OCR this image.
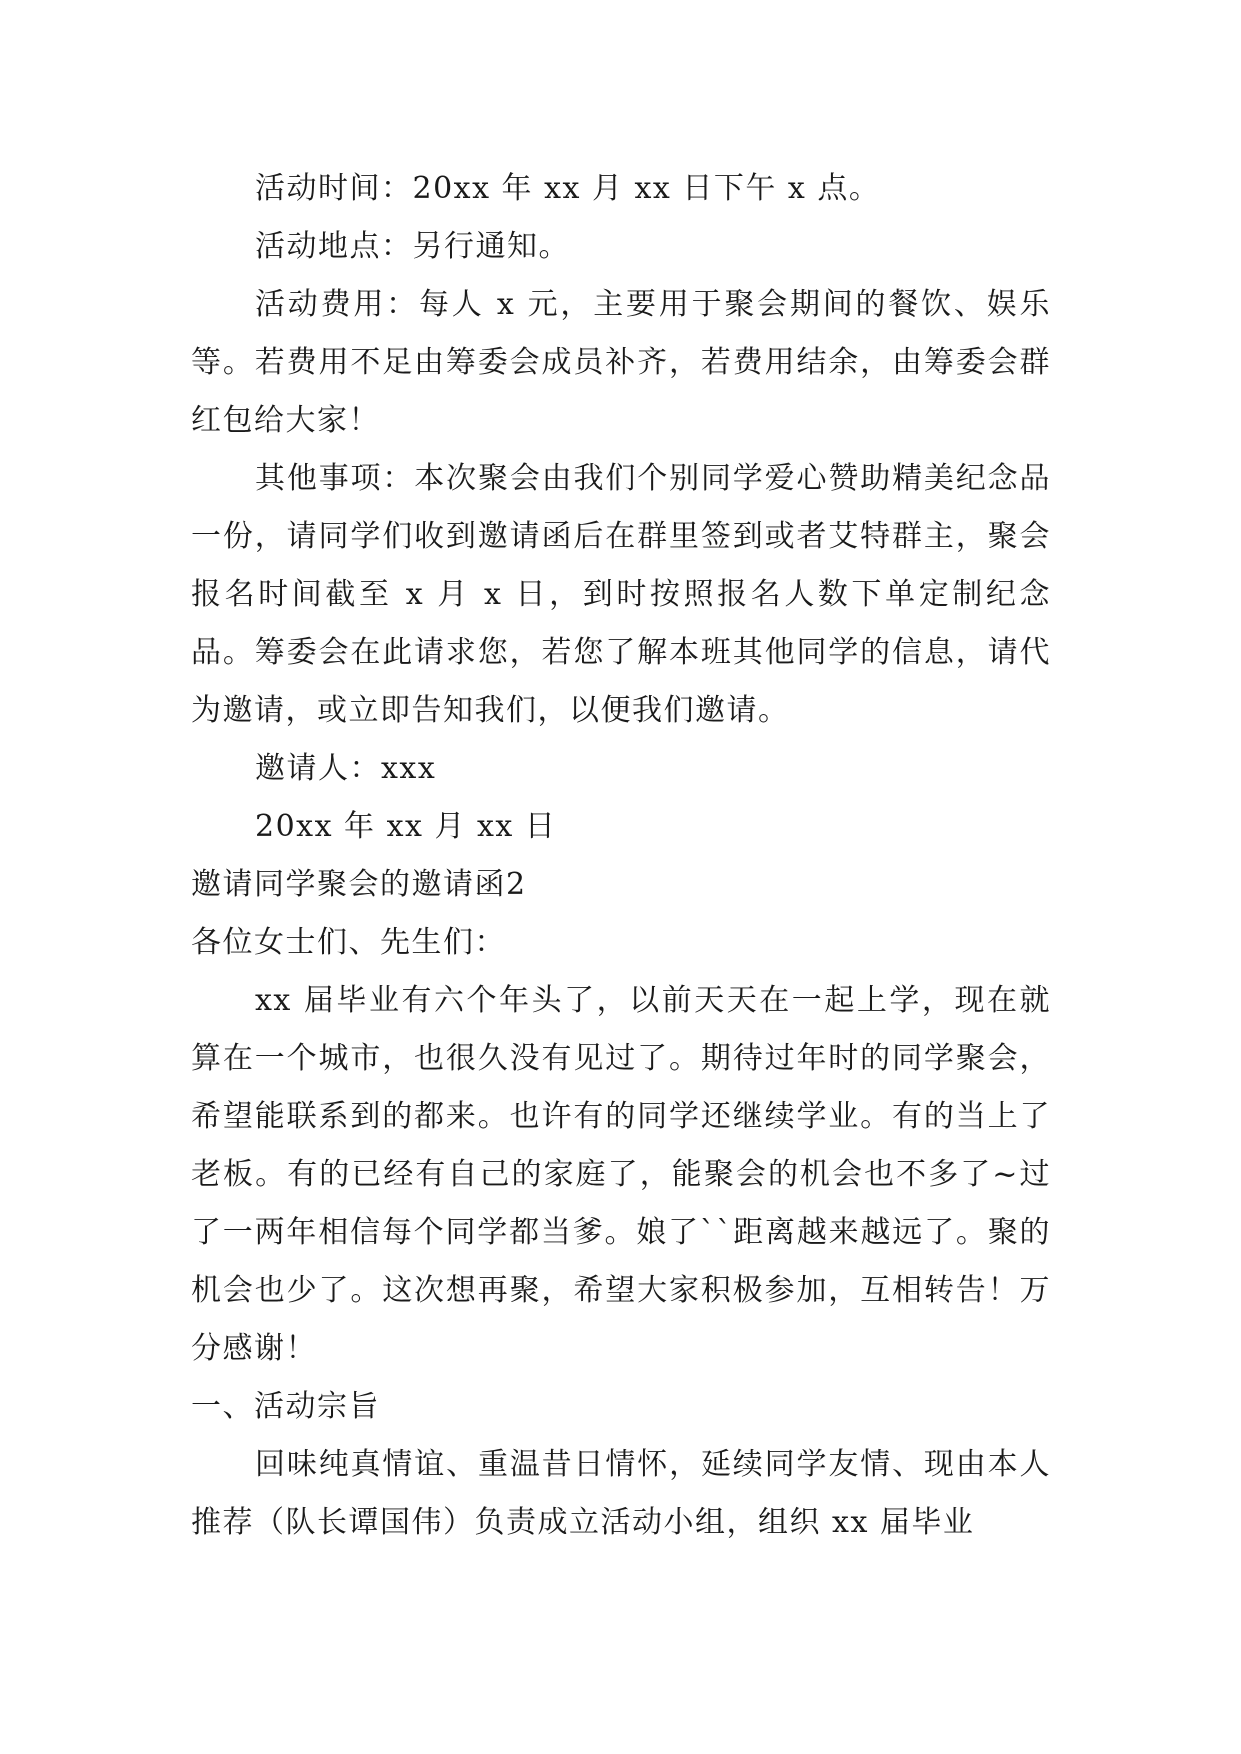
活动时间：20xx 年 xx 月 xx 日下午 x 点。

活动地点：另行通知。

活动费用：每人 x 元，主要用于聚会期间的餐饮、娱乐等。若费用不足由筹委会成员补齐，若费用结余，由筹委会群红包给大家！

其他事项：本次聚会由我们个别同学爱心赞助精美纪念品一份，请同学们收到邀请函后在群里签到或者艾特群主，聚会报名时间截至 x 月 x 日，到时按照报名人数下单定制纪念品。筹委会在此请求您，若您了解本班其他同学的信息，请代为邀请，或立即告知我们，以便我们邀请。

邀请人：xxx

20xx 年 xx 月 xx 日

邀请同学聚会的邀请函2

各位女士们、先生们：

xx 届毕业有六个年头了，以前天天在一起上学，现在就算在一个城市，也很久没有见过了。期待过年时的同学聚会，希望能联系到的都来。也许有的同学还继续学业。有的当上了老板。有的已经有自己的家庭了，能聚会的机会也不多了~过了一两年相信每个同学都当爹。娘了``距离越来越远了。聚的机会也少了。这次想再聚，希望大家积极参加，互相转告！万分感谢！

一、活动宗旨

回味纯真情谊、重温昔日情怀，延续同学友情、现由本人推荐（队长谭国伟）负责成立活动小组，组织 xx 届毕业
